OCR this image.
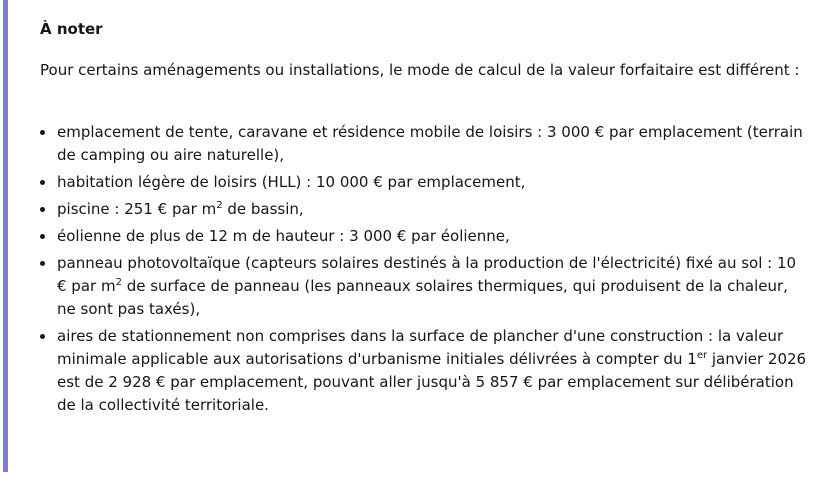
À noter

Pour certains aménagements ou installations, le mode de calcul de la valeur forfaitaire est différent :

emplacement de tente, caravane et résidence mobile de loisirs : 3 000 € par emplacement (terrain de camping ou aire naturelle),
habitation légère de loisirs (HLL) : 10 000 € par emplacement,
piscine : 251 € par $m^2$ de bassin,
éolienne de plus de 12 m de hauteur : 3 000 € par éolienne,
panneau photovoltaïque (capteurs solaires destinés à la production de l'électricité) fixé au sol : 10 € par $m^2$ de surface de panneau (les panneaux solaires thermiques, qui produisent de la chaleur, ne sont pas taxés),
aires de stationnement non comprises dans la surface de plancher d'une construction : la valeur minimale applicable aux autorisations d'urbanisme initiales délivrées à compter du 1er janvier 2026 est de 2 928 € par emplacement, pouvant aller jusqu'à 5 857 € par emplacement sur délibération de la collectivité territoriale.
